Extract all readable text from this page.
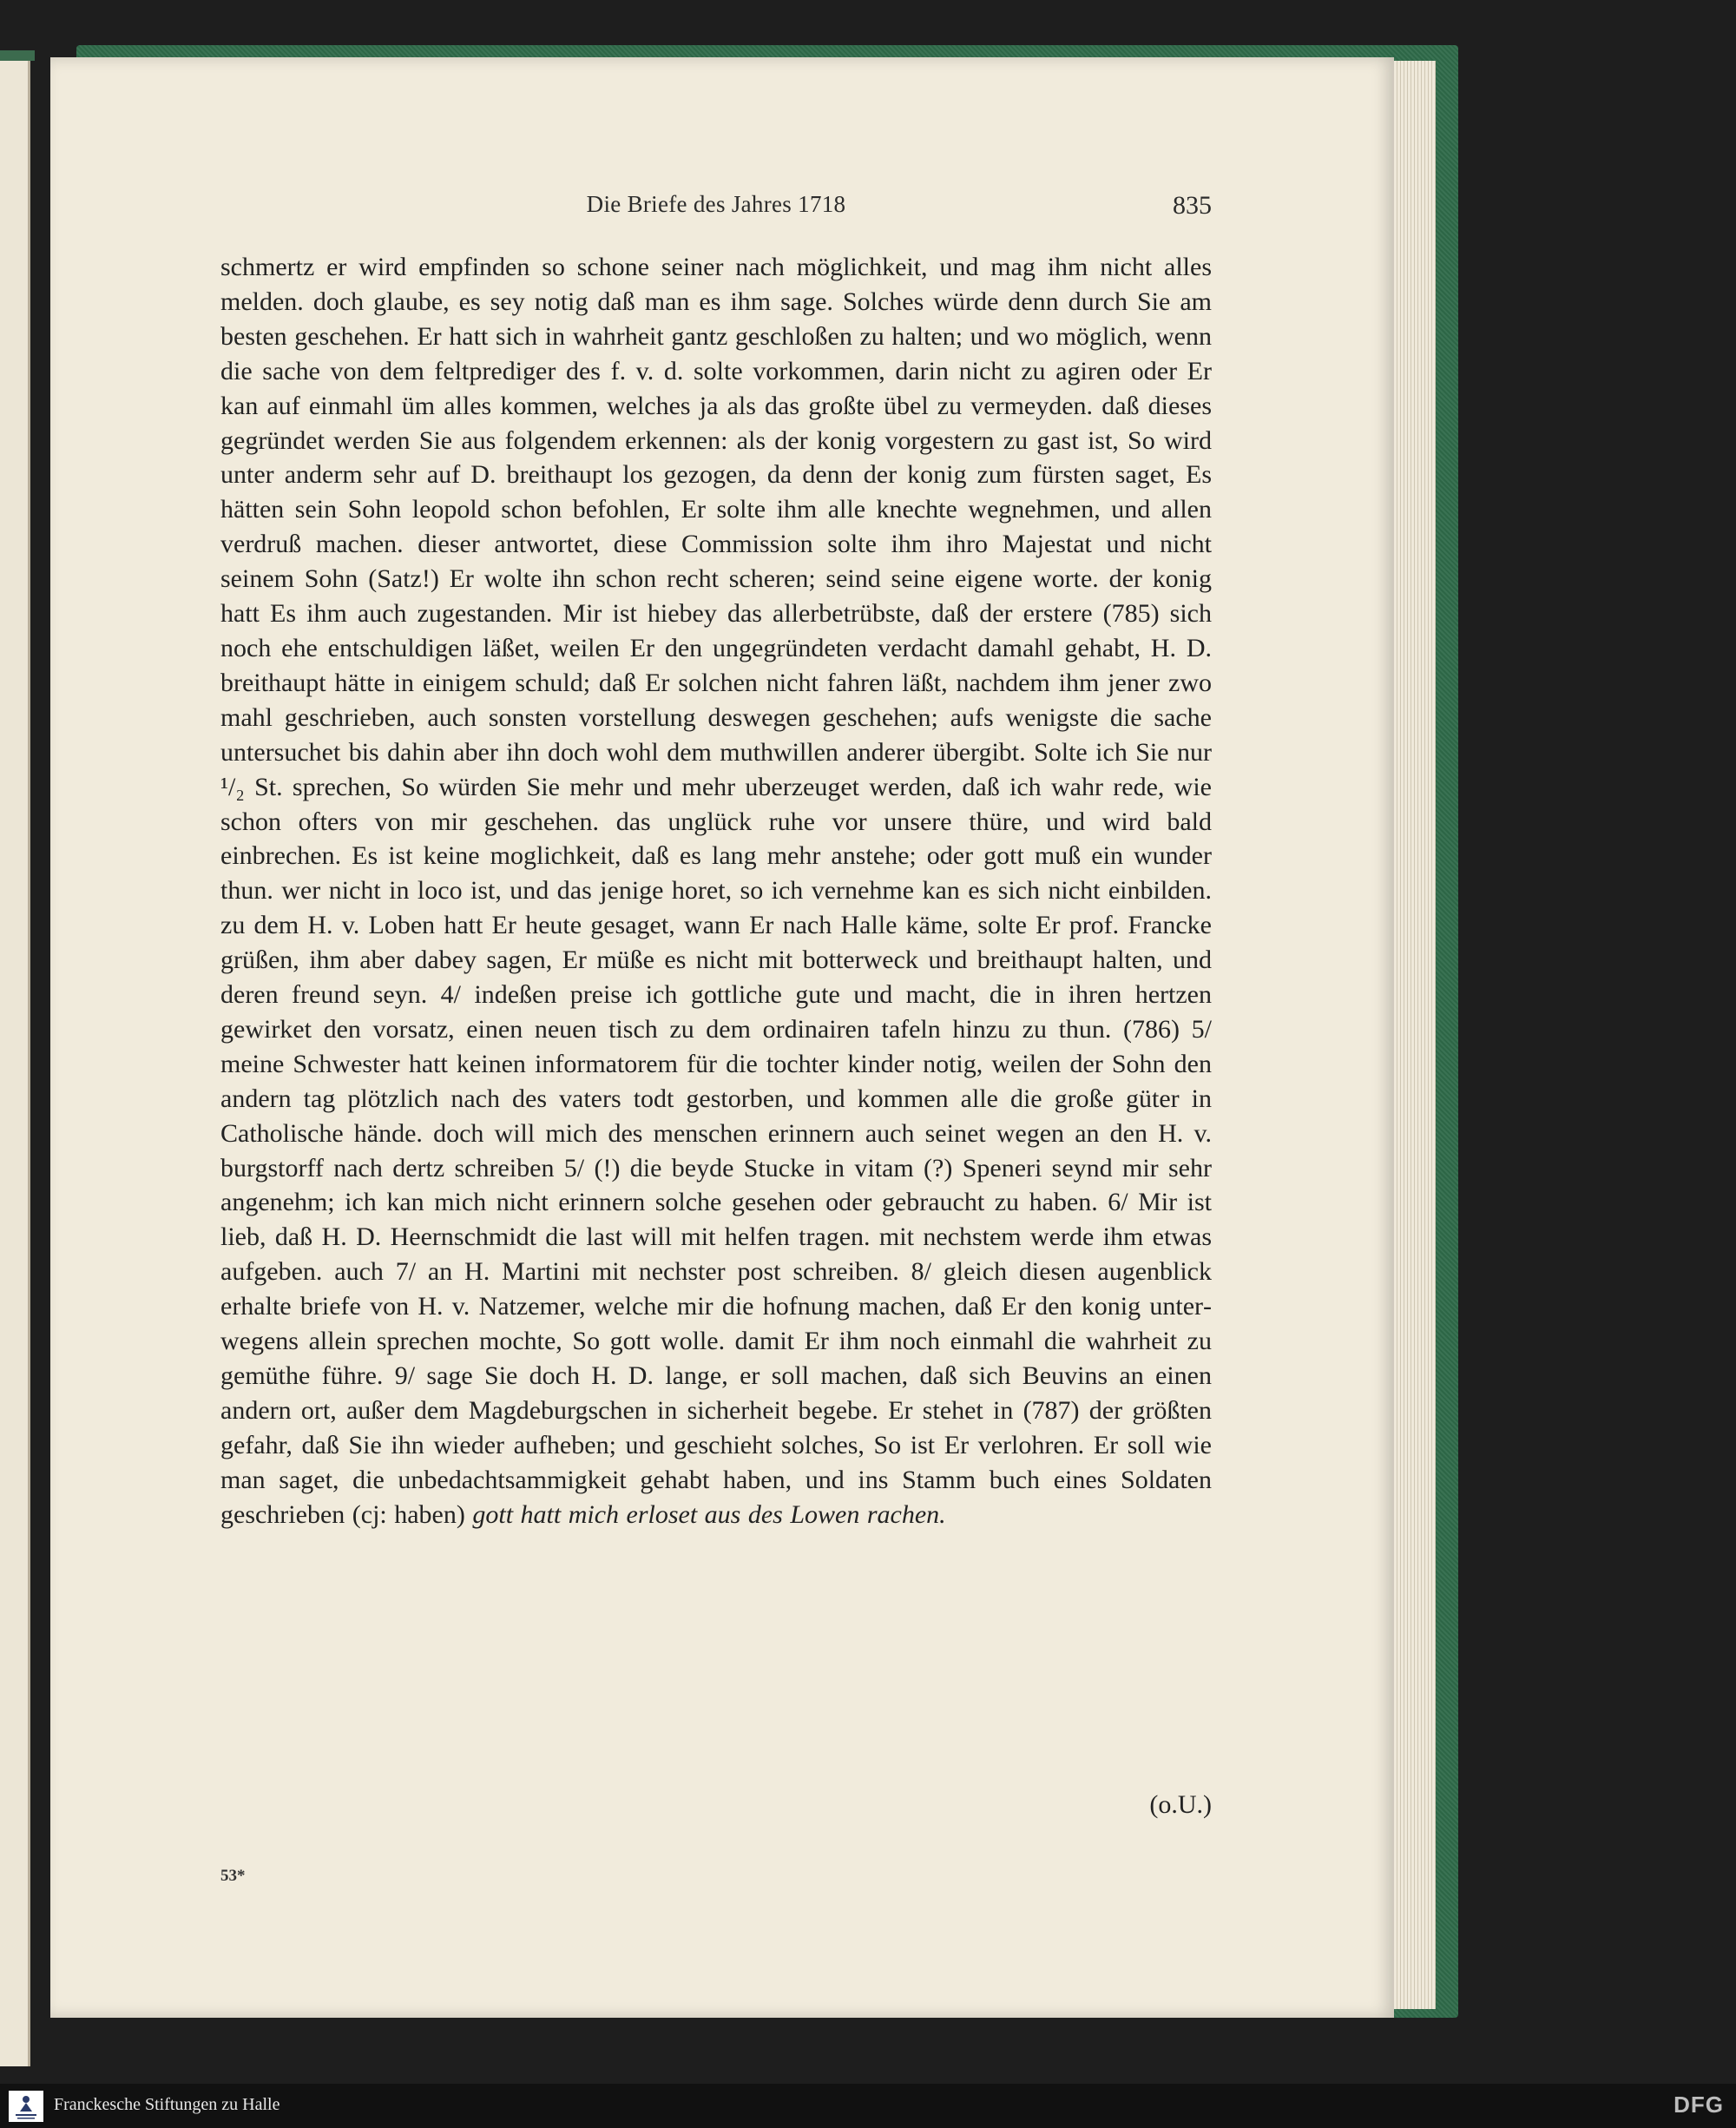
Die Briefe des Jahres 1718	835

schmertz er wird empfinden so schone seiner nach möglichkeit, und mag ihm nicht alles melden. doch glaube, es sey notig daß man es ihm sage. Solches würde denn durch Sie am besten geschehen. Er hatt sich in wahrheit gantz geschloßen zu halten; und wo möglich, wenn die sache von dem feltprediger des f. v. d. solte vorkommen, darin nicht zu agiren oder Er kan auf einmahl üm alles kommen, welches ja als das großte übel zu vermeyden. daß dieses gegründet werden Sie aus folgendem erkennen: als der konig vorgestern zu gast ist, So wird unter anderm sehr auf D. breithaupt los gezogen, da denn der konig zum fürsten saget, Es hätten sein Sohn leopold schon befohlen, Er solte ihm alle knechte wegnehmen, und allen verdruß machen. dieser antwortet, diese Commission solte ihm ihro Majestat und nicht seinem Sohn (Satz!) Er wolte ihn schon recht scheren; seind seine eigene worte. der konig hatt Es ihm auch zugestanden. Mir ist hiebey das allerbetrübste, daß der erstere (785) sich noch ehe entschuldigen läßet, weilen Er den ungegründeten verdacht damahl gehabt, H. D. breithaupt hätte in einigem schuld; daß Er solchen nicht fahren läßt, nachdem ihm jener zwo mahl geschrieben, auch sonsten vorstellung deswegen geschehen; aufs wenigste die sache untersuchet bis dahin aber ihn doch wohl dem muthwillen anderer übergibt. Solte ich Sie nur ¹/₂ St. sprechen, So würden Sie mehr und mehr uberzeuget werden, daß ich wahr rede, wie schon ofters von mir geschehen. das unglück ruhe vor unsere thüre, und wird bald einbrechen. Es ist keine moglichkeit, daß es lang mehr anstehe; oder gott muß ein wunder thun. wer nicht in loco ist, und das jenige horet, so ich vernehme kan es sich nicht einbilden. zu dem H. v. Loben hatt Er heute gesaget, wann Er nach Halle käme, solte Er prof. Francke grüßen, ihm aber dabey sagen, Er müße es nicht mit botterweck und breithaupt halten, und deren freund seyn. 4/ indeßen preise ich gottliche gute und macht, die in ihren hertzen gewirket den vorsatz, einen neuen tisch zu dem ordinairen tafeln hinzu zu thun. (786) 5/ meine Schwester hatt keinen informatorem für die tochter kinder notig, weilen der Sohn den andern tag plötzlich nach des vaters todt gestorben, und kommen alle die große güter in Catholische hände. doch will mich des menschen erinnern auch seinet wegen an den H. v. burgstorff nach dertz schreiben 5/ (!) die beyde Stucke in vitam (?) Speneri seynd mir sehr angenehm; ich kan mich nicht erinnern solche gesehen oder gebraucht zu haben. 6/ Mir ist lieb, daß H. D. Heernschmidt die last will mit helfen tragen. mit nechstem werde ihm etwas aufgeben. auch 7/ an H. Martini mit nechster post schreiben. 8/ gleich diesen augenblick erhalte briefe von H. v. Natzemer, welche mir die hofnung machen, daß Er den konig unterwegens allein sprechen mochte, So gott wolle. damit Er ihm noch einmahl die wahrheit zu gemüthe führe. 9/ sage Sie doch H. D. lange, er soll machen, daß sich Beuvins an einen andern ort, außer dem Magdeburgschen in sicherheit begebe. Er stehet in (787) der größten gefahr, daß Sie ihn wieder aufheben; und geschieht solches, So ist Er verlohren. Er soll wie man saget, die unbedachtsammigkeit gehabt haben, und ins Stamm buch eines Soldaten geschrieben (cj: haben) gott hatt mich erloset aus des Lowen rachen.

(o.U.)
53*
Franckesche Stiftungen zu Halle	DFG
